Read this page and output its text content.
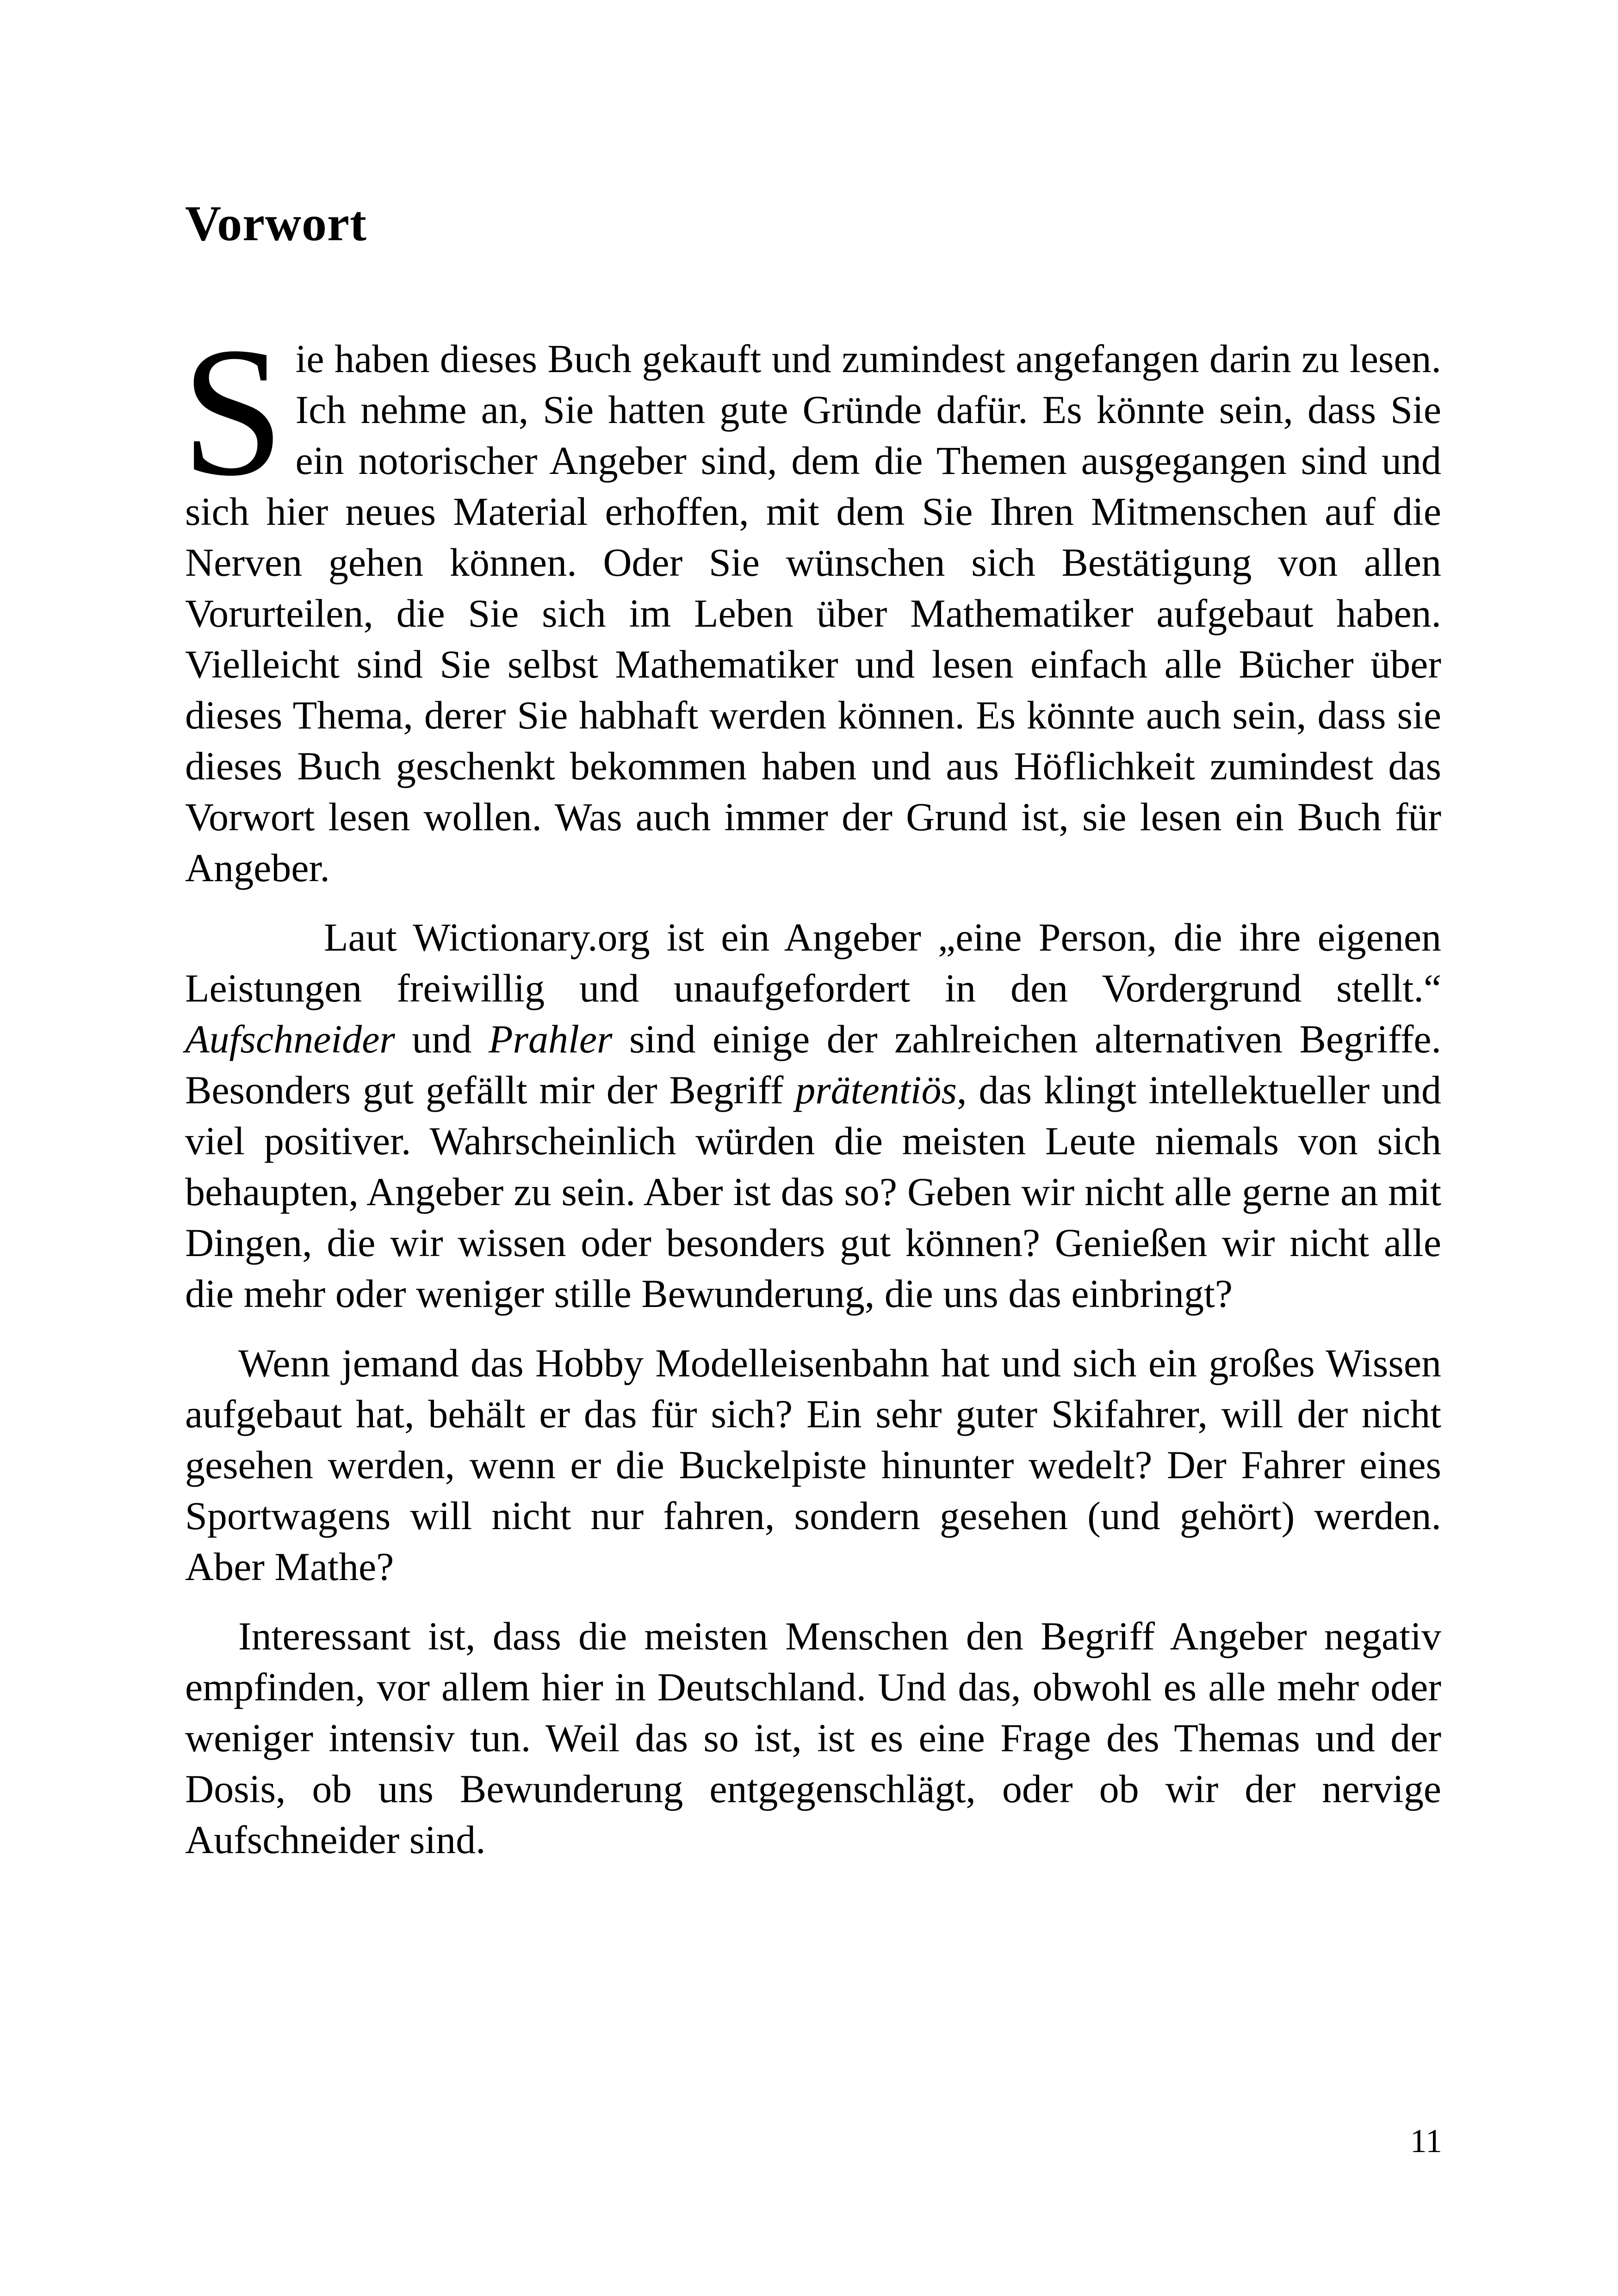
Vorwort

Sie haben dieses Buch gekauft und zumindest angefangen darin zu lesen. Ich nehme an, Sie hatten gute Gründe dafür. Es könnte sein, dass Sie ein notorischer Angeber sind, dem die Themen ausgegangen sind und sich hier neues Material erhoffen, mit dem Sie Ihren Mitmenschen auf die Nerven gehen können. Oder Sie wünschen sich Bestätigung von allen Vorurteilen, die Sie sich im Leben über Mathematiker aufgebaut haben. Vielleicht sind Sie selbst Mathematiker und lesen einfach alle Bücher über dieses Thema, derer Sie habhaft werden können. Es könnte auch sein, dass sie dieses Buch geschenkt bekommen haben und aus Höflichkeit zumindest das Vorwort lesen wollen. Was auch immer der Grund ist, sie lesen ein Buch für Angeber.

Laut Wictionary.org ist ein Angeber „eine Person, die ihre eigenen Leistungen freiwillig und unaufgefordert in den Vordergrund stellt.“ Aufschneider und Prahler sind einige der zahlreichen alternativen Begriffe. Besonders gut gefällt mir der Begriff prätentiös, das klingt intellektueller und viel positiver. Wahrscheinlich würden die meisten Leute niemals von sich behaupten, Angeber zu sein. Aber ist das so? Geben wir nicht alle gerne an mit Dingen, die wir wissen oder besonders gut können? Genießen wir nicht alle die mehr oder weniger stille Bewunderung, die uns das einbringt?

Wenn jemand das Hobby Modelleisenbahn hat und sich ein großes Wissen aufgebaut hat, behält er das für sich? Ein sehr guter Skifahrer, will der nicht gesehen werden, wenn er die Buckelpiste hinunter wedelt? Der Fahrer eines Sportwagens will nicht nur fahren, sondern gesehen (und gehört) werden. Aber Mathe?

Interessant ist, dass die meisten Menschen den Begriff Angeber negativ empfinden, vor allem hier in Deutschland. Und das, obwohl es alle mehr oder weniger intensiv tun. Weil das so ist, ist es eine Frage des Themas und der Dosis, ob uns Bewunderung entgegenschlägt, oder ob wir der nervige Aufschneider sind.

11
